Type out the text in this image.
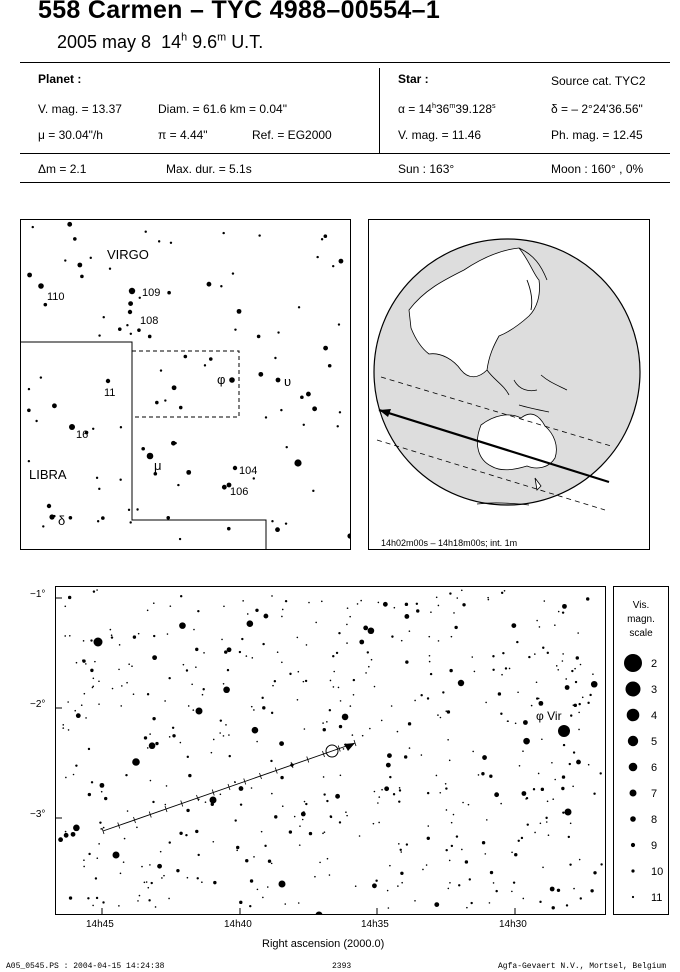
558 Carmen – TYC 4988–00554–1
2005 may 8 14$^h$ 9.6$^m$ U.T.
Planet :
V. mag. = 13.37	Diam. = 61.6 km = 0.04"
μ = 30.04"/h	π = 4.44"	Ref. = EG2000
Δm = 2.1	Max. dur. = 5.1s
Star :	Source cat. TYC2
$\alpha = 14^h36^m39.128^s$	δ = – 2°24'36.56"
V. mag. = 11.46	Ph. mag. = 12.45
Sun : 163°	Moon : 160° , 0%
VIRGO
LIBRA
110	109
108
11
φ	υ
16
μ	104
106
δ
14h02m00s – 14h18m00s; int. 1m
φ Vir
−1°
−2°
−3°
14h45	14h40	14h35	14h30
Right ascension (2000.0)
Vis.
magn.
scale
2
3
4
5
6
7
8
9
10
11
A05_0545.PS : 2004-04-15 14:24:38	2393	Agfa-Gevaert N.V., Mortsel, Belgium
